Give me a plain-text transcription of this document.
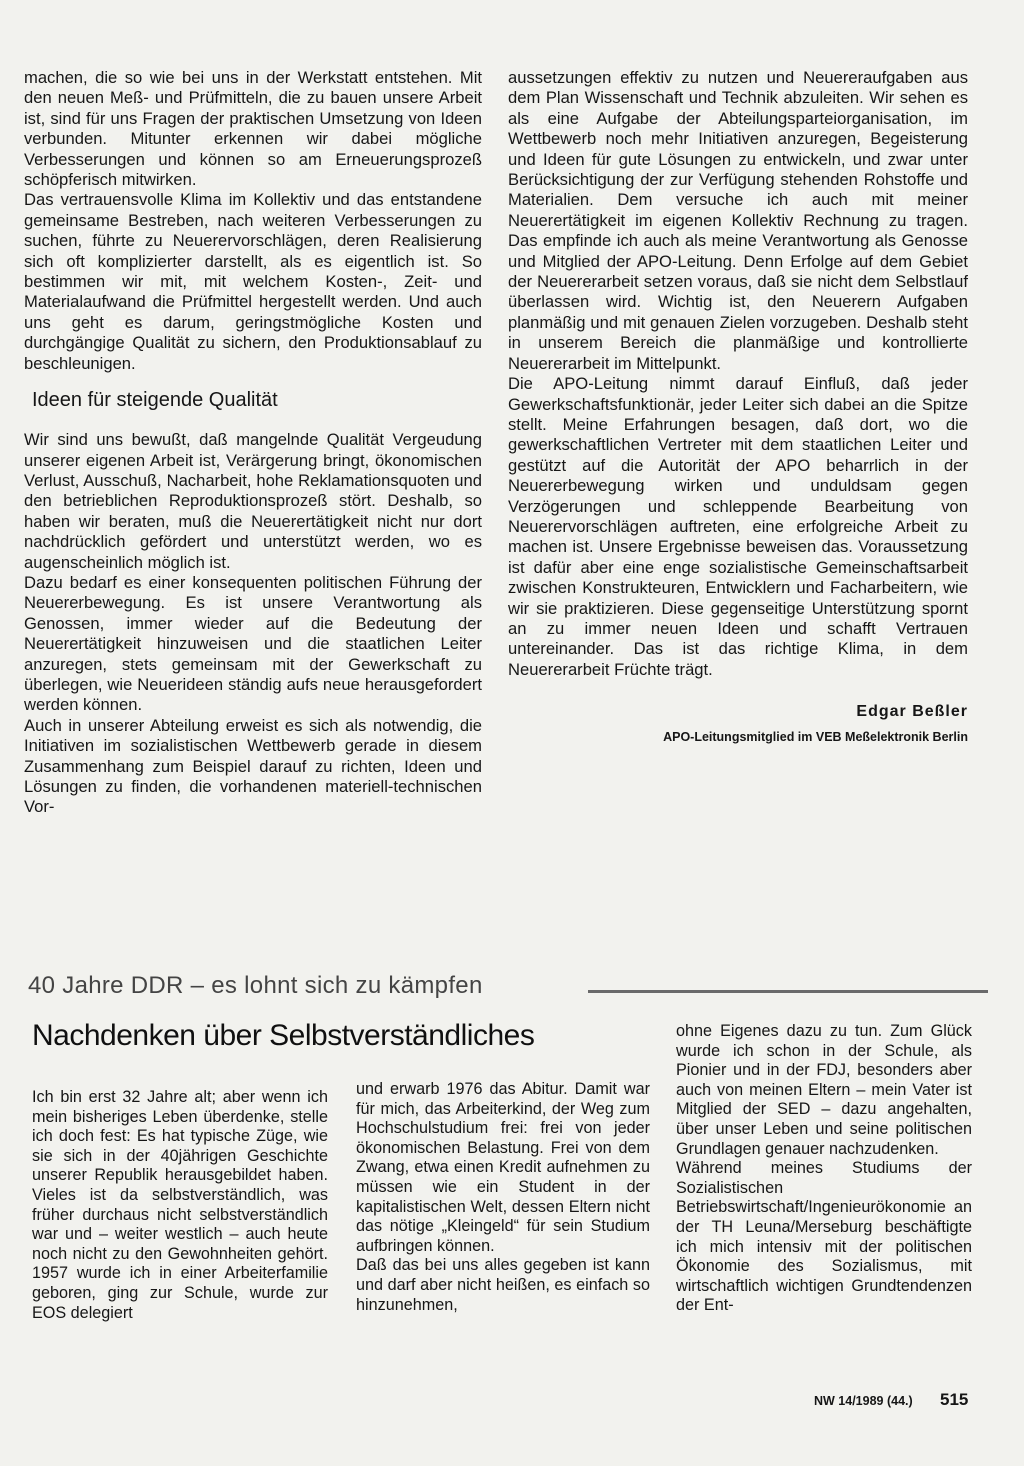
machen, die so wie bei uns in der Werkstatt entstehen. Mit den neuen Meß- und Prüfmitteln, die zu bauen unsere Arbeit ist, sind für uns Fragen der praktischen Umsetzung von Ideen verbunden. Mitunter erkennen wir dabei mögliche Verbesserungen und können so am Erneuerungsprozeß schöpferisch mitwirken.

Das vertrauensvolle Klima im Kollektiv und das entstandene gemeinsame Bestreben, nach weiteren Verbesserungen zu suchen, führte zu Neuerervorschlägen, deren Realisierung sich oft komplizierter darstellt, als es eigentlich ist. So bestimmen wir mit, mit welchem Kosten-, Zeit- und Materialaufwand die Prüfmittel hergestellt werden. Und auch uns geht es darum, geringstmögliche Kosten und durchgängige Qualität zu sichern, den Produktionsablauf zu beschleunigen.

Ideen für steigende Qualität

Wir sind uns bewußt, daß mangelnde Qualität Vergeudung unserer eigenen Arbeit ist, Verärgerung bringt, ökonomischen Verlust, Ausschuß, Nacharbeit, hohe Reklamationsquoten und den betrieblichen Reproduktionsprozeß stört. Deshalb, so haben wir beraten, muß die Neuerertätigkeit nicht nur dort nachdrücklich gefördert und unterstützt werden, wo es augenscheinlich möglich ist.

Dazu bedarf es einer konsequenten politischen Führung der Neuererbewegung. Es ist unsere Verantwortung als Genossen, immer wieder auf die Bedeutung der Neuerertätigkeit hinzuweisen und die staatlichen Leiter anzuregen, stets gemeinsam mit der Gewerkschaft zu überlegen, wie Neuerideen ständig aufs neue herausgefordert werden können.

Auch in unserer Abteilung erweist es sich als notwendig, die Initiativen im sozialistischen Wettbewerb gerade in diesem Zusammenhang zum Beispiel darauf zu richten, Ideen und Lösungen zu finden, die vorhandenen materiell-technischen Vor-

aussetzungen effektiv zu nutzen und Neuereraufgaben aus dem Plan Wissenschaft und Technik abzuleiten. Wir sehen es als eine Aufgabe der Abteilungsparteiorganisation, im Wettbewerb noch mehr Initiativen anzuregen, Begeisterung und Ideen für gute Lösungen zu entwickeln, und zwar unter Berücksichtigung der zur Verfügung stehenden Rohstoffe und Materialien. Dem versuche ich auch mit meiner Neuerertätigkeit im eigenen Kollektiv Rechnung zu tragen. Das empfinde ich auch als meine Verantwortung als Genosse und Mitglied der APO-Leitung. Denn Erfolge auf dem Gebiet der Neuererarbeit setzen voraus, daß sie nicht dem Selbstlauf überlassen wird. Wichtig ist, den Neuerern Aufgaben planmäßig und mit genauen Zielen vorzugeben. Deshalb steht in unserem Bereich die planmäßige und kontrollierte Neuererarbeit im Mittelpunkt.

Die APO-Leitung nimmt darauf Einfluß, daß jeder Gewerkschaftsfunktionär, jeder Leiter sich dabei an die Spitze stellt. Meine Erfahrungen besagen, daß dort, wo die gewerkschaftlichen Vertreter mit dem staatlichen Leiter und gestützt auf die Autorität der APO beharrlich in der Neuererbewegung wirken und unduldsam gegen Verzögerungen und schleppende Bearbeitung von Neuerervorschlägen auftreten, eine erfolgreiche Arbeit zu machen ist. Unsere Ergebnisse beweisen das. Voraussetzung ist dafür aber eine enge sozialistische Gemeinschaftsarbeit zwischen Konstrukteuren, Entwicklern und Facharbeitern, wie wir sie praktizieren. Diese gegenseitige Unterstützung spornt an zu immer neuen Ideen und schafft Vertrauen untereinander. Das ist das richtige Klima, in dem Neuererarbeit Früchte trägt.

Edgar Beßler
APO-Leitungsmitglied im VEB Meßelektronik Berlin
40 Jahre DDR – es lohnt sich zu kämpfen
Nachdenken über Selbstverständliches

Ich bin erst 32 Jahre alt; aber wenn ich mein bisheriges Leben überdenke, stelle ich doch fest: Es hat typische Züge, wie sie sich in der 40jährigen Geschichte unserer Republik herausgebildet haben. Vieles ist da selbstverständlich, was früher durchaus nicht selbstverständlich war und – weiter westlich – auch heute noch nicht zu den Gewohnheiten gehört. 1957 wurde ich in einer Arbeiterfamilie geboren, ging zur Schule, wurde zur EOS delegiert

und erwarb 1976 das Abitur. Damit war für mich, das Arbeiterkind, der Weg zum Hochschulstudium frei: frei von jeder ökonomischen Belastung. Frei von dem Zwang, etwa einen Kredit aufnehmen zu müssen wie ein Student in der kapitalistischen Welt, dessen Eltern nicht das nötige „Kleingeld“ für sein Studium aufbringen können.

Daß das bei uns alles gegeben ist kann und darf aber nicht heißen, es einfach so hinzunehmen,

ohne Eigenes dazu zu tun. Zum Glück wurde ich schon in der Schule, als Pionier und in der FDJ, besonders aber auch von meinen Eltern – mein Vater ist Mitglied der SED – dazu angehalten, über unser Leben und seine politischen Grundlagen genauer nachzudenken.

Während meines Studiums der Sozialistischen Betriebswirtschaft/Ingenieurökonomie an der TH Leuna/Merseburg beschäftigte ich mich intensiv mit der politischen Ökonomie des Sozialismus, mit wirtschaftlich wichtigen Grundtendenzen der Ent-

NW 14/1989 (44.) 515
